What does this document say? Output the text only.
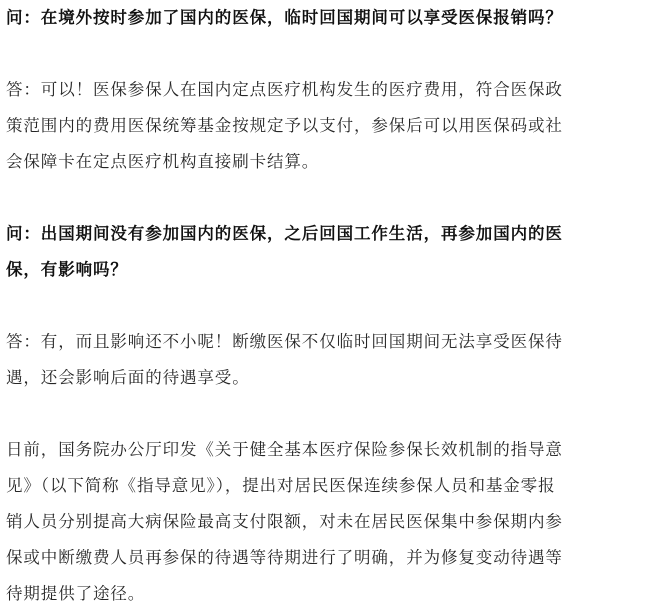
问：在境外按时参加了国内的医保，临时回国期间可以享受医保报销吗？
答：可以！医保参保人在国内定点医疗机构发生的医疗费用，符合医保政
策范围内的费用医保统筹基金按规定予以支付，参保后可以用医保码或社
会保障卡在定点医疗机构直接刷卡结算。
问：出国期间没有参加国内的医保，之后回国工作生活，再参加国内的医
保，有影响吗？
答：有，而且影响还不小呢！断缴医保不仅临时回国期间无法享受医保待
遇，还会影响后面的待遇享受。
日前，国务院办公厅印发《关于健全基本医疗保险参保长效机制的指导意
见》（以下简称《指导意见》），提出对居民医保连续参保人员和基金零报
销人员分别提高大病保险最高支付限额，对未在居民医保集中参保期内参
保或中断缴费人员再参保的待遇等待期进行了明确，并为修复变动待遇等
待期提供了途径。
